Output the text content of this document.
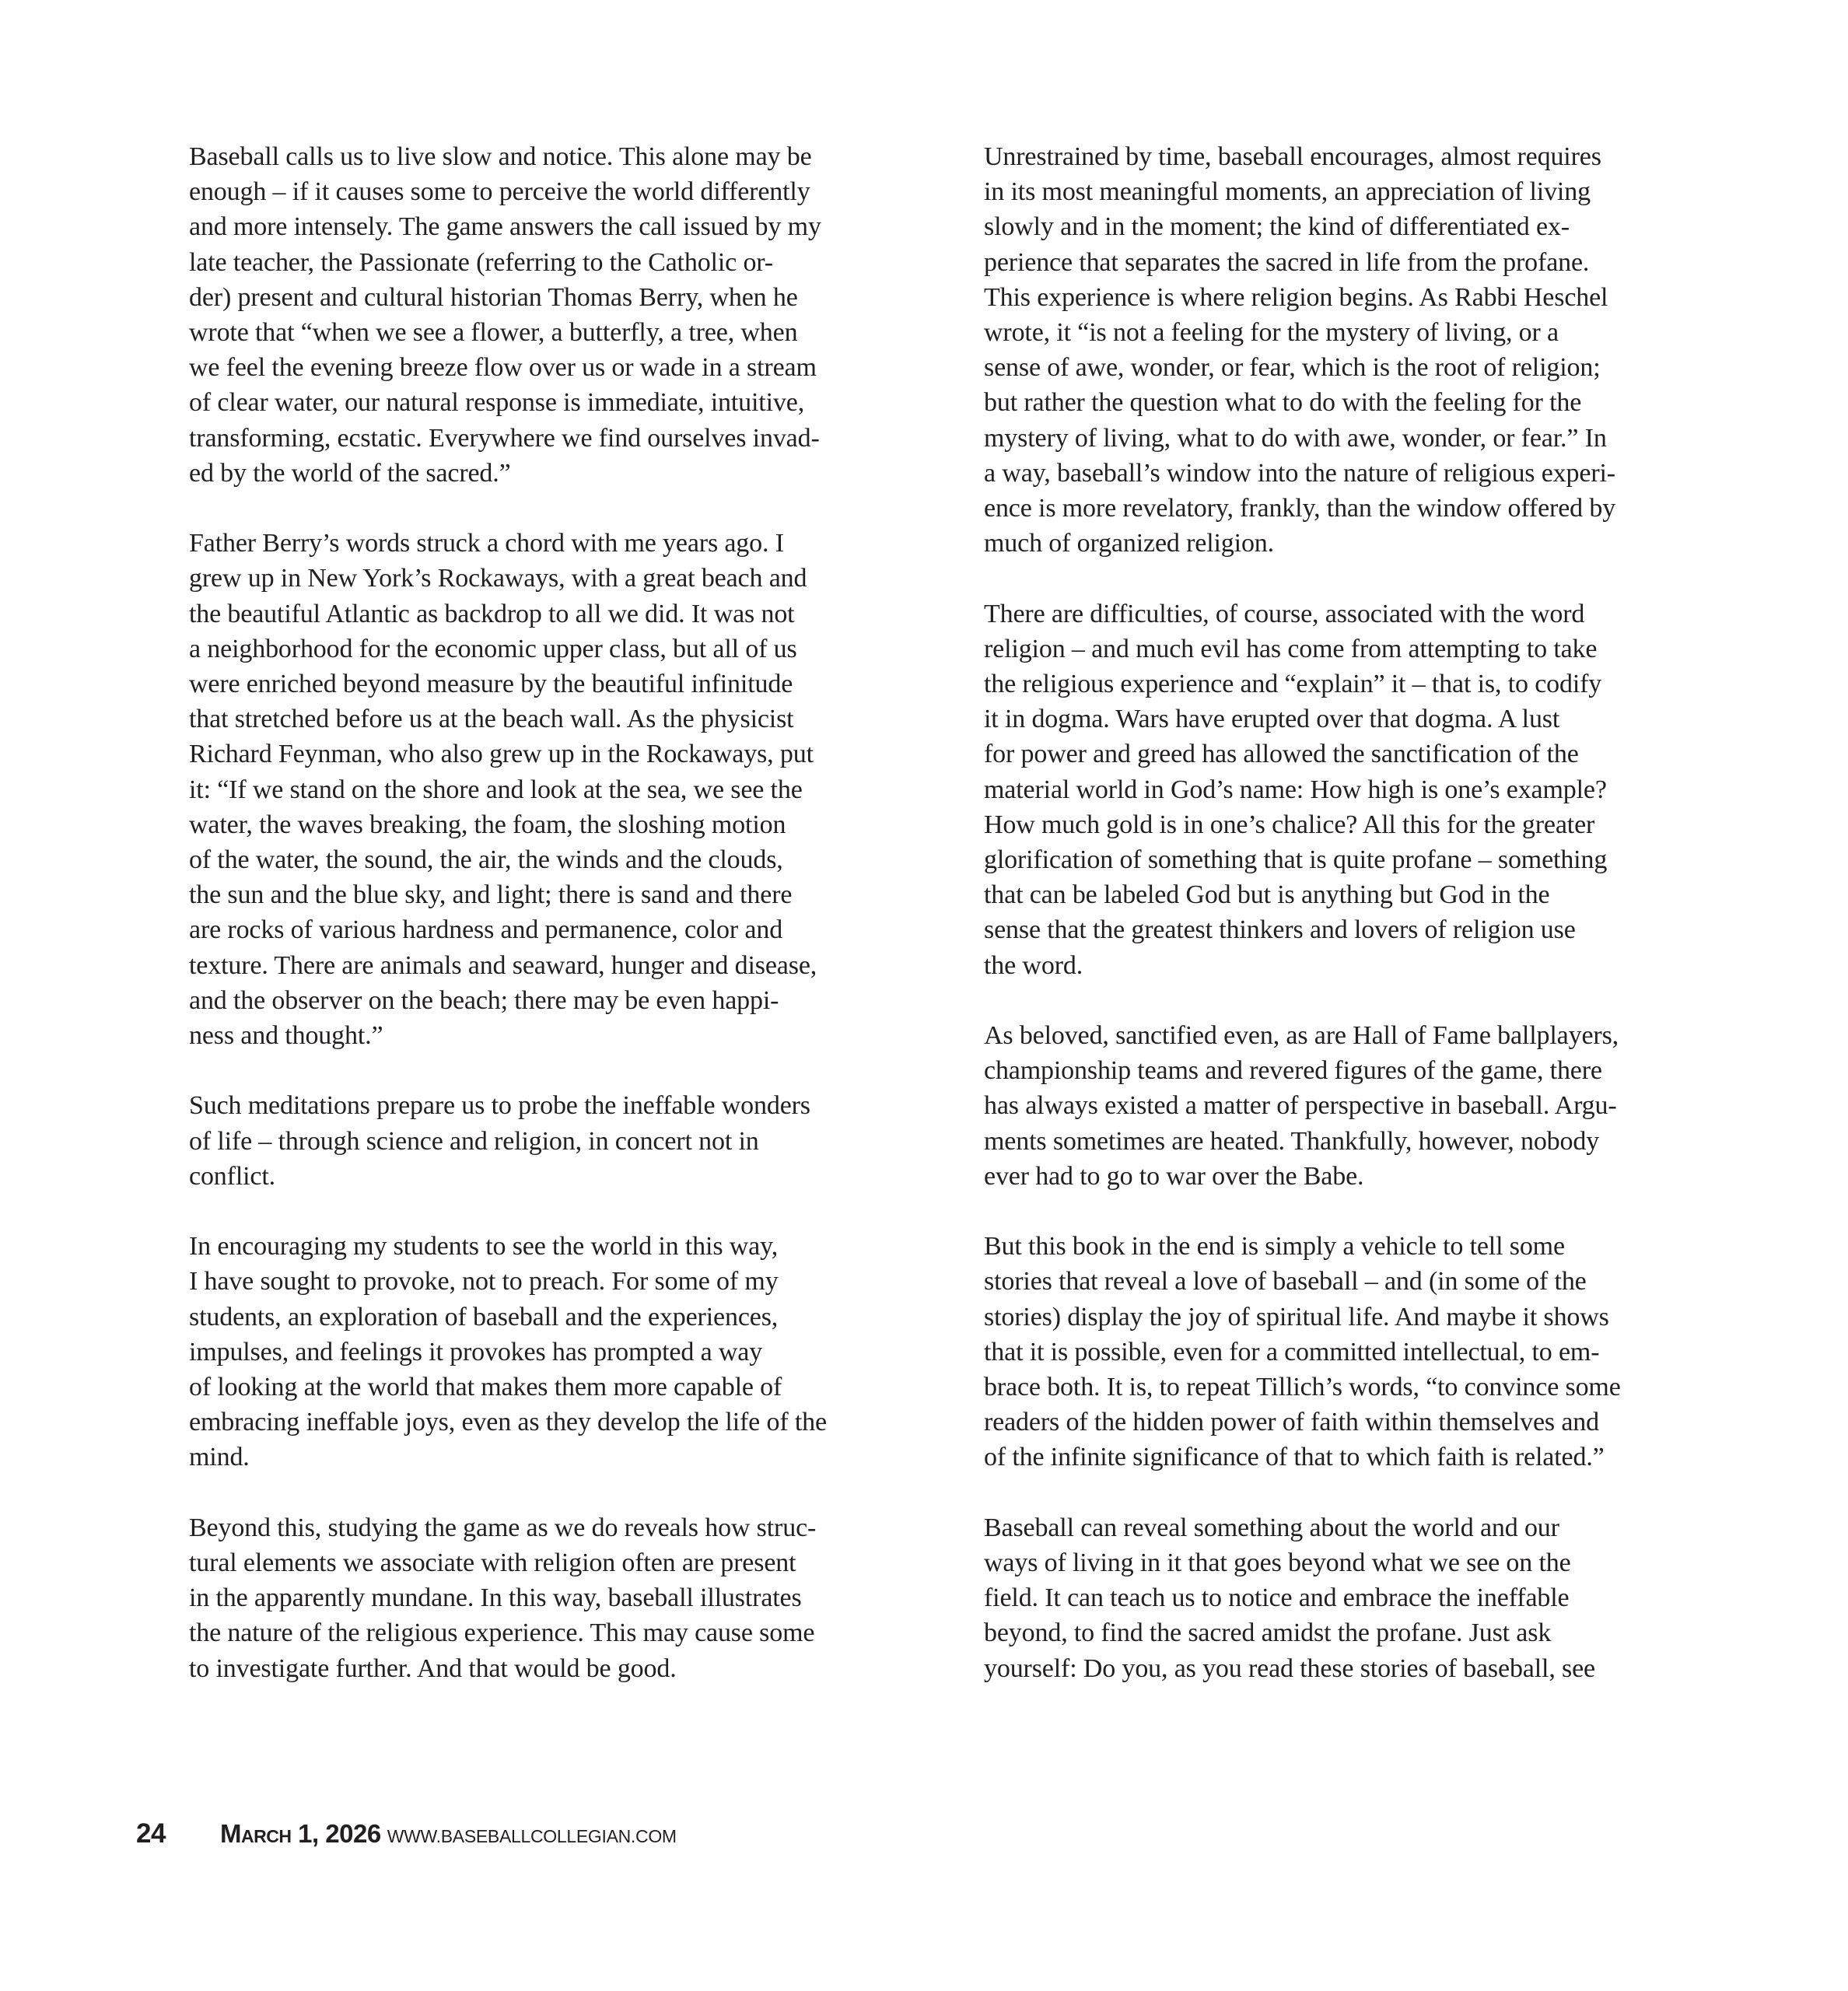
Baseball calls us to live slow and notice. This alone may be
enough – if it causes some to perceive the world differently
and more intensely. The game answers the call issued by my
late teacher, the Passionate (referring to the Catholic or-
der) present and cultural historian Thomas Berry, when he
wrote that “when we see a flower, a butterfly, a tree, when
we feel the evening breeze flow over us or wade in a stream
of clear water, our natural response is immediate, intuitive,
transforming, ecstatic. Everywhere we find ourselves invad-
ed by the world of the sacred.”

Father Berry’s words struck a chord with me years ago. I
grew up in New York’s Rockaways, with a great beach and
the beautiful Atlantic as backdrop to all we did. It was not
a neighborhood for the economic upper class, but all of us
were enriched beyond measure by the beautiful infinitude
that stretched before us at the beach wall. As the physicist
Richard Feynman, who also grew up in the Rockaways, put
it: “If we stand on the shore and look at the sea, we see the
water, the waves breaking, the foam, the sloshing motion
of the water, the sound, the air, the winds and the clouds,
the sun and the blue sky, and light; there is sand and there
are rocks of various hardness and permanence, color and
texture. There are animals and seaward, hunger and disease,
and the observer on the beach; there may be even happi-
ness and thought.”

Such meditations prepare us to probe the ineffable wonders
of life – through science and religion, in concert not in
conflict.

In encouraging my students to see the world in this way,
I have sought to provoke, not to preach. For some of my
students, an exploration of baseball and the experiences,
impulses, and feelings it provokes has prompted a way
of looking at the world that makes them more capable of
embracing ineffable joys, even as they develop the life of the
mind.

Beyond this, studying the game as we do reveals how struc-
tural elements we associate with religion often are present
in the apparently mundane. In this way, baseball illustrates
the nature of the religious experience. This may cause some
to investigate further. And that would be good.

Unrestrained by time, baseball encourages, almost requires
in its most meaningful moments, an appreciation of living
slowly and in the moment; the kind of differentiated ex-
perience that separates the sacred in life from the profane.
This experience is where religion begins. As Rabbi Heschel
wrote, it “is not a feeling for the mystery of living, or a
sense of awe, wonder, or fear, which is the root of religion;
but rather the question what to do with the feeling for the
mystery of living, what to do with awe, wonder, or fear.” In
a way, baseball’s window into the nature of religious experi-
ence is more revelatory, frankly, than the window offered by
much of organized religion.

There are difficulties, of course, associated with the word
religion – and much evil has come from attempting to take
the religious experience and “explain” it – that is, to codify
it in dogma. Wars have erupted over that dogma. A lust
for power and greed has allowed the sanctification of the
material world in God’s name: How high is one’s example?
How much gold is in one’s chalice? All this for the greater
glorification of something that is quite profane – something
that can be labeled God but is anything but God in the
sense that the greatest thinkers and lovers of religion use
the word.

As beloved, sanctified even, as are Hall of Fame ballplayers,
championship teams and revered figures of the game, there
has always existed a matter of perspective in baseball. Argu-
ments sometimes are heated. Thankfully, however, nobody
ever had to go to war over the Babe.

But this book in the end is simply a vehicle to tell some
stories that reveal a love of baseball – and (in some of the
stories) display the joy of spiritual life. And maybe it shows
that it is possible, even for a committed intellectual, to em-
brace both. It is, to repeat Tillich’s words, “to convince some
readers of the hidden power of faith within themselves and
of the infinite significance of that to which faith is related.”

Baseball can reveal something about the world and our
ways of living in it that goes beyond what we see on the
field. It can teach us to notice and embrace the ineffable
beyond, to find the sacred amidst the profane. Just ask
yourself: Do you, as you read these stories of baseball, see

24	March 1, 2026 WWW.BASEBALLCOLLEGIAN.COM
